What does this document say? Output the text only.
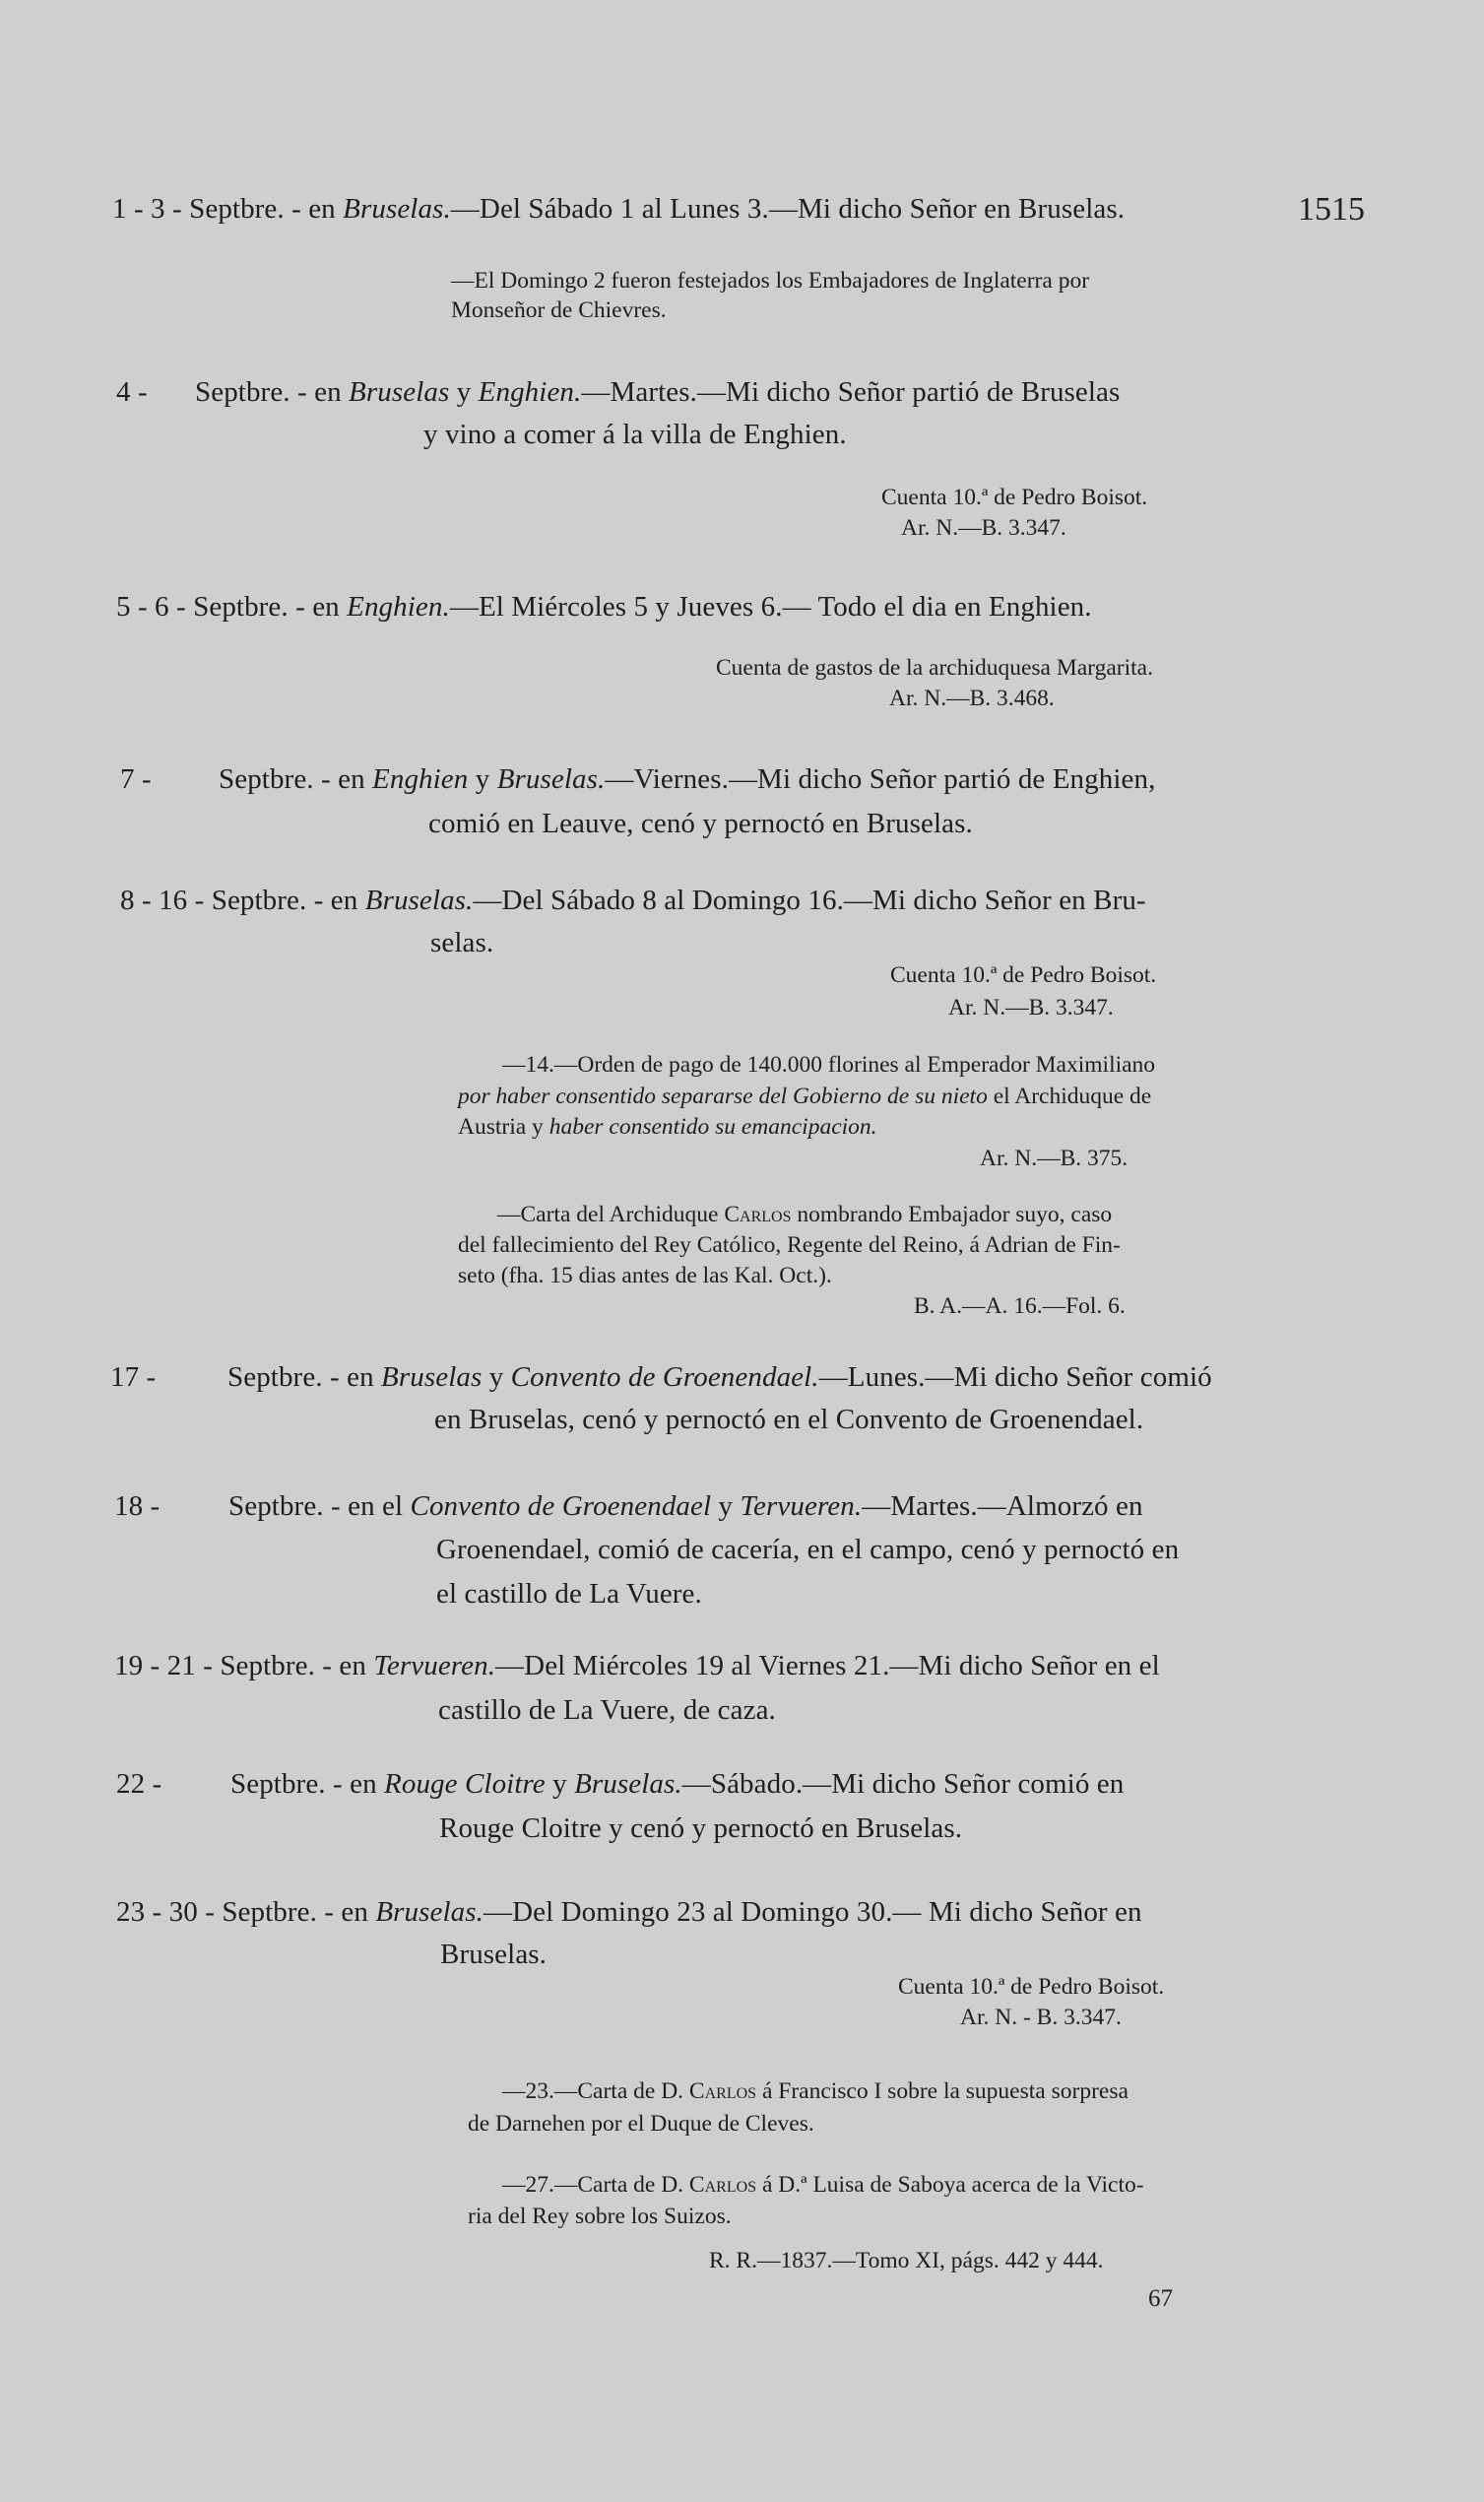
1515
1 - 3 - Septbre. - en Bruselas.—Del Sábado 1 al Lunes 3.—Mi dicho Señor en Bruselas.
—El Domingo 2 fueron festejados los Embajadores de Inglaterra por
Monseñor de Chievres.
4 - Septbre. - en Bruselas y Enghien.—Martes.—Mi dicho Señor partió de Bruselas
y vino a comer á la villa de Enghien.
Cuenta 10.ª de Pedro Boisot.
Ar. N.—B. 3.347.
5 - 6 - Septbre. - en Enghien.—El Miércoles 5 y Jueves 6.— Todo el dia en Enghien.
Cuenta de gastos de la archiduquesa Margarita.
Ar. N.—B. 3.468.
7 - Septbre. - en Enghien y Bruselas.—Viernes.—Mi dicho Señor partió de Enghien,
comió en Leauve, cenó y pernoctó en Bruselas.
8 - 16 - Septbre. - en Bruselas.—Del Sábado 8 al Domingo 16.—Mi dicho Señor en Bru-
selas.
Cuenta 10.ª de Pedro Boisot.
Ar. N.—B. 3.347.
—14.—Orden de pago de 140.000 florines al Emperador Maximiliano
por haber consentido separarse del Gobierno de su nieto el Archiduque de
Austria y haber consentido su emancipacion.
Ar. N.—B. 375.
—Carta del Archiduque Carlos nombrando Embajador suyo, caso
del fallecimiento del Rey Católico, Regente del Reino, á Adrian de Fin-
seto (fha. 15 dias antes de las Kal. Oct.).
B. A.—A. 16.—Fol. 6.
17 -	Septbre. - en Bruselas y Convento de Groenendael.—Lunes.—Mi dicho Señor comió
en Bruselas, cenó y pernoctó en el Convento de Groenendael.
18 - Septbre. - en el Convento de Groenendael y Tervueren.—Martes.—Almorzó en
Groenendael, comió de cacería, en el campo, cenó y pernoctó en
el castillo de La Vuere.
19 - 21 - Septbre. - en Tervueren.—Del Miércoles 19 al Viernes 21.—Mi dicho Señor en el
castillo de La Vuere, de caza.
22 - Septbre. - en Rouge Cloitre y Bruselas.—Sábado.—Mi dicho Señor comió en
Rouge Cloitre y cenó y pernoctó en Bruselas.
23 - 30 - Septbre. - en Bruselas.—Del Domingo 23 al Domingo 30.— Mi dicho Señor en
Bruselas.
Cuenta 10.ª de Pedro Boisot.
Ar. N. - B. 3.347.
—23.—Carta de D. Carlos á Francisco I sobre la supuesta sorpresa
de Darnehen por el Duque de Cleves.
—27.—Carta de D. Carlos á D.ª Luisa de Saboya acerca de la Victo-
ria del Rey sobre los Suizos.
R. R.—1837.—Tomo XI, págs. 442 y 444.
67
